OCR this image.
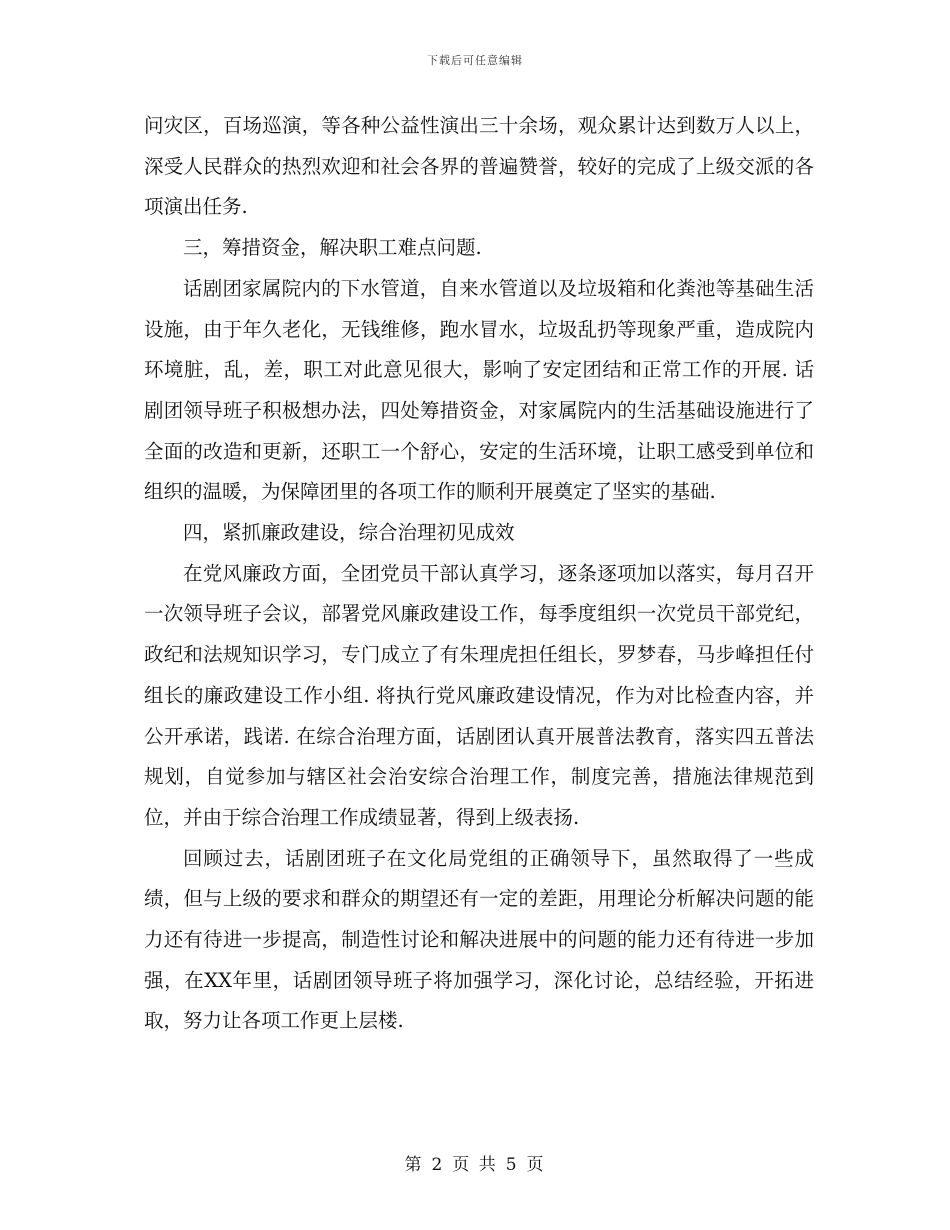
下载后可任意编辑

问灾区，百场巡演，等各种公益性演出三十余场，观众累计达到数万人以上，深受人民群众的热烈欢迎和社会各界的普遍赞誉，较好的完成了上级交派的各项演出任务.

三，筹措资金，解决职工难点问题.

话剧团家属院内的下水管道，自来水管道以及垃圾箱和化粪池等基础生活设施，由于年久老化，无钱维修，跑水冒水，垃圾乱扔等现象严重，造成院内环境脏，乱，差，职工对此意见很大，影响了安定团结和正常工作的开展. 话剧团领导班子积极想办法，四处筹措资金，对家属院内的生活基础设施进行了全面的改造和更新，还职工一个舒心，安定的生活环境，让职工感受到单位和组织的温暖，为保障团里的各项工作的顺利开展奠定了坚实的基础.

四，紧抓廉政建设，综合治理初见成效

在党风廉政方面，全团党员干部认真学习，逐条逐项加以落实，每月召开一次领导班子会议，部署党风廉政建设工作，每季度组织一次党员干部党纪，政纪和法规知识学习，专门成立了有朱理虎担任组长，罗梦春，马步峰担任付组长的廉政建设工作小组. 将执行党风廉政建设情况，作为对比检查内容，并公开承诺，践诺. 在综合治理方面，话剧团认真开展普法教育，落实四五普法规划，自觉参加与辖区社会治安综合治理工作，制度完善，措施法律规范到位，并由于综合治理工作成绩显著，得到上级表扬.

回顾过去，话剧团班子在文化局党组的正确领导下，虽然取得了一些成绩，但与上级的要求和群众的期望还有一定的差距，用理论分析解决问题的能力还有待进一步提高，制造性讨论和解决进展中的问题的能力还有待进一步加强，在XX年里，话剧团领导班子将加强学习，深化讨论，总结经验，开拓进取，努力让各项工作更上层楼.

第 2 页 共 5 页
